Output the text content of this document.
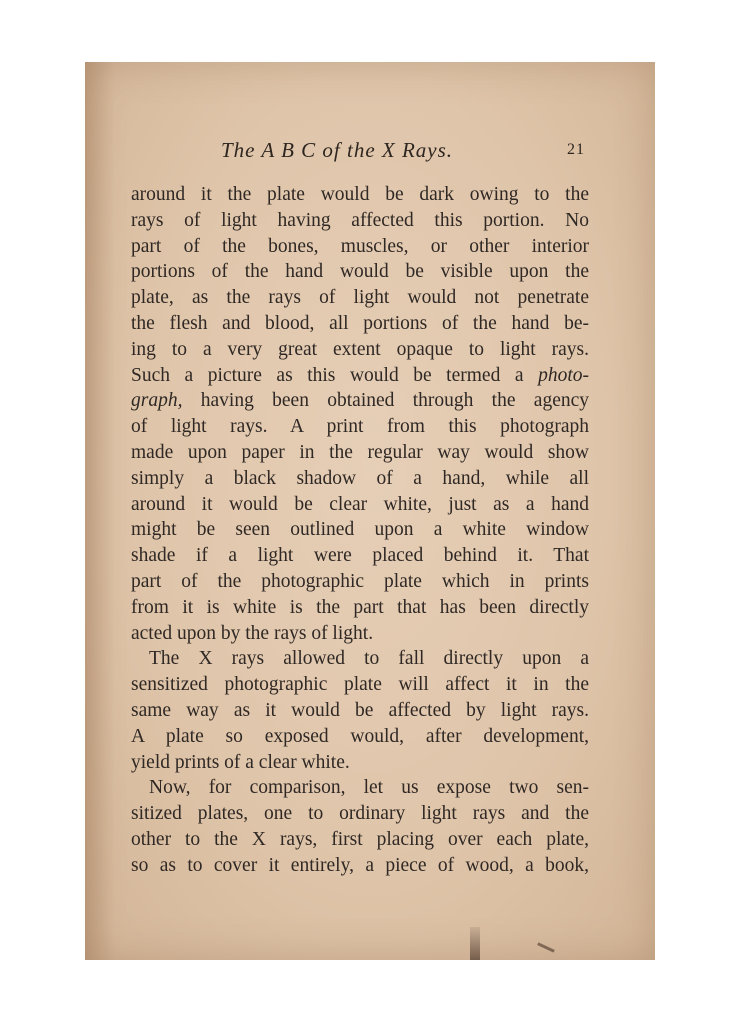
The A B C of the X Rays.	21
around it the plate would be dark owing to the
rays of light having affected this portion. No
part of the bones, muscles, or other interior
portions of the hand would be visible upon the
plate, as the rays of light would not penetrate
the flesh and blood, all portions of the hand be-
ing to a very great extent opaque to light rays.
Such a picture as this would be termed a photo-
graph, having been obtained through the agency
of light rays. A print from this photograph
made upon paper in the regular way would show
simply a black shadow of a hand, while all
around it would be clear white, just as a hand
might be seen outlined upon a white window
shade if a light were placed behind it. That
part of the photographic plate which in prints
from it is white is the part that has been directly
acted upon by the rays of light.
The X rays allowed to fall directly upon a
sensitized photographic plate will affect it in the
same way as it would be affected by light rays.
A plate so exposed would, after development,
yield prints of a clear white.
Now, for comparison, let us expose two sen-
sitized plates, one to ordinary light rays and the
other to the X rays, first placing over each plate,
so as to cover it entirely, a piece of wood, a book,
